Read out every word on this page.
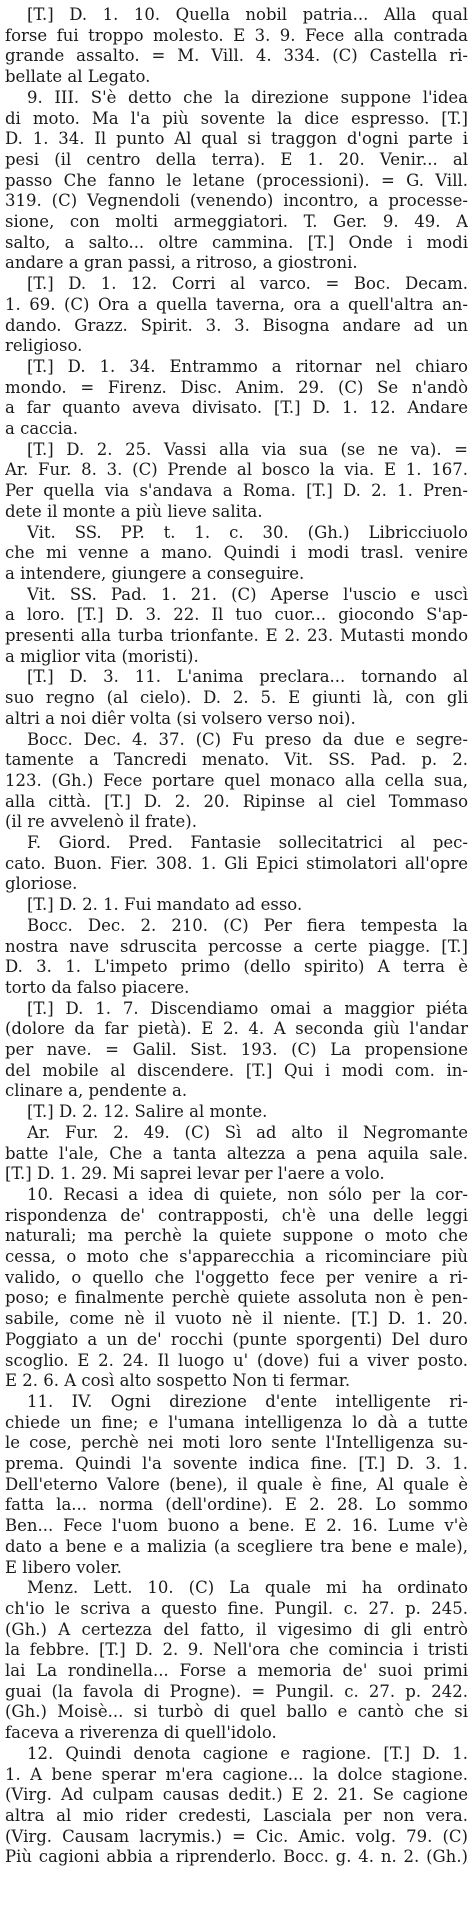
[T.] D. 1. 10. Quella nobil patria... Alla qual
forse fui troppo molesto. E 3. 9. Fece alla contrada
grande assalto. = M. Vill. 4. 334. (C) Castella ri-
bellate al Legato.
9. III. S'è detto che la direzione suppone l'idea
di moto. Ma l'a più sovente la dice espresso. [T.]
D. 1. 34. Il punto Al qual si traggon d'ogni parte i
pesi (il centro della terra). E 1. 20. Venir... al
passo Che fanno le letane (processioni). = G. Vill.
319. (C) Vegnendoli (venendo) incontro, a processe-
sione, con molti armeggiatori. T. Ger. 9. 49. A
salto, a salto... oltre cammina. [T.] Onde i modi
andare a gran passi, a ritroso, a giostroni.
[T.] D. 1. 12. Corri al varco. = Boc. Decam.
1. 69. (C) Ora a quella taverna, ora a quell'altra an-
dando. Grazz. Spirit. 3. 3. Bisogna andare ad un
religioso.
[T.] D. 1. 34. Entrammo a ritornar nel chiaro
mondo. = Firenz. Disc. Anim. 29. (C) Se n'andò
a far quanto aveva divisato. [T.] D. 1. 12. Andare
a caccia.
[T.] D. 2. 25. Vassi alla via sua (se ne va). =
Ar. Fur. 8. 3. (C) Prende al bosco la via. E 1. 167.
Per quella via s'andava a Roma. [T.] D. 2. 1. Pren-
dete il monte a più lieve salita.
Vit. SS. PP. t. 1. c. 30. (Gh.) Libricciuolo
che mi venne a mano. Quindi i modi trasl. venire
a intendere, giungere a conseguire.
Vit. SS. Pad. 1. 21. (C) Aperse l'uscio e uscì
a loro. [T.] D. 3. 22. Il tuo cuor... giocondo S'ap-
presenti alla turba trionfante. E 2. 23. Mutasti mondo
a miglior vita (moristi).
[T.] D. 3. 11. L'anima preclara... tornando al
suo regno (al cielo). D. 2. 5. E giunti là, con gli
altri a noi diêr volta (si volsero verso noi).
Bocc. Dec. 4. 37. (C) Fu preso da due e segre-
tamente a Tancredi menato. Vit. SS. Pad. p. 2.
123. (Gh.) Fece portare quel monaco alla cella sua,
alla città. [T.] D. 2. 20. Ripinse al ciel Tommaso
(il re avvelenò il frate).
F. Giord. Pred. Fantasie sollecitatrici al pec-
cato. Buon. Fier. 308. 1. Gli Epici stimolatori all'opre
gloriose.
[T.] D. 2. 1. Fui mandato ad esso.
Bocc. Dec. 2. 210. (C) Per fiera tempesta la
nostra nave sdruscita percosse a certe piagge. [T.]
D. 3. 1. L'impeto primo (dello spirito) A terra è
torto da falso piacere.
[T.] D. 1. 7. Discendiamo omai a maggior piéta
(dolore da far pietà). E 2. 4. A seconda giù l'andar
per nave. = Galil. Sist. 193. (C) La propensione
del mobile al discendere. [T.] Qui i modi com. in-
clinare a, pendente a.
[T.] D. 2. 12. Salire al monte.
Ar. Fur. 2. 49. (C) Sì ad alto il Negromante
batte l'ale, Che a tanta altezza a pena aquila sale.
[T.] D. 1. 29. Mi saprei levar per l'aere a volo.
10. Recasi a idea di quiete, non sólo per la cor-
rispondenza de' contrapposti, ch'è una delle leggi
naturali; ma perchè la quiete suppone o moto che
cessa, o moto che s'apparecchia a ricominciare più
valido, o quello che l'oggetto fece per venire a ri-
poso; e finalmente perchè quiete assoluta non è pen-
sabile, come nè il vuoto nè il niente. [T.] D. 1. 20.
Poggiato a un de' rocchi (punte sporgenti) Del duro
scoglio. E 2. 24. Il luogo u' (dove) fui a viver posto.
E 2. 6. A così alto sospetto Non ti fermar.
11. IV. Ogni direzione d'ente intelligente ri-
chiede un fine; e l'umana intelligenza lo dà a tutte
le cose, perchè nei moti loro sente l'Intelligenza su-
prema. Quindi l'a sovente indica fine. [T.] D. 3. 1.
Dell'eterno Valore (bene), il quale è fine, Al quale è
fatta la... norma (dell'ordine). E 2. 28. Lo sommo
Ben... Fece l'uom buono a bene. E 2. 16. Lume v'è
dato a bene e a malizia (a scegliere tra bene e male),
E libero voler.
Menz. Lett. 10. (C) La quale mi ha ordinato
ch'io le scriva a questo fine. Pungil. c. 27. p. 245.
(Gh.) A certezza del fatto, il vigesimo di gli entrò
la febbre. [T.] D. 2. 9. Nell'ora che comincia i tristi
lai La rondinella... Forse a memoria de' suoi primi
guai (la favola di Progne). = Pungil. c. 27. p. 242.
(Gh.) Moisè... si turbò di quel ballo e cantò che si
faceva a riverenza di quell'idolo.
12. Quindi denota cagione e ragione. [T.] D. 1.
1. A bene sperar m'era cagione... la dolce stagione.
(Virg. Ad culpam causas dedit.) E 2. 21. Se cagione
altra al mio rider credesti, Lasciala per non vera.
(Virg. Causam lacrymis.) = Cic. Amic. volg. 79. (C)
Più cagioni abbia a riprenderlo. Bocc. g. 4. n. 2. (Gh.)
